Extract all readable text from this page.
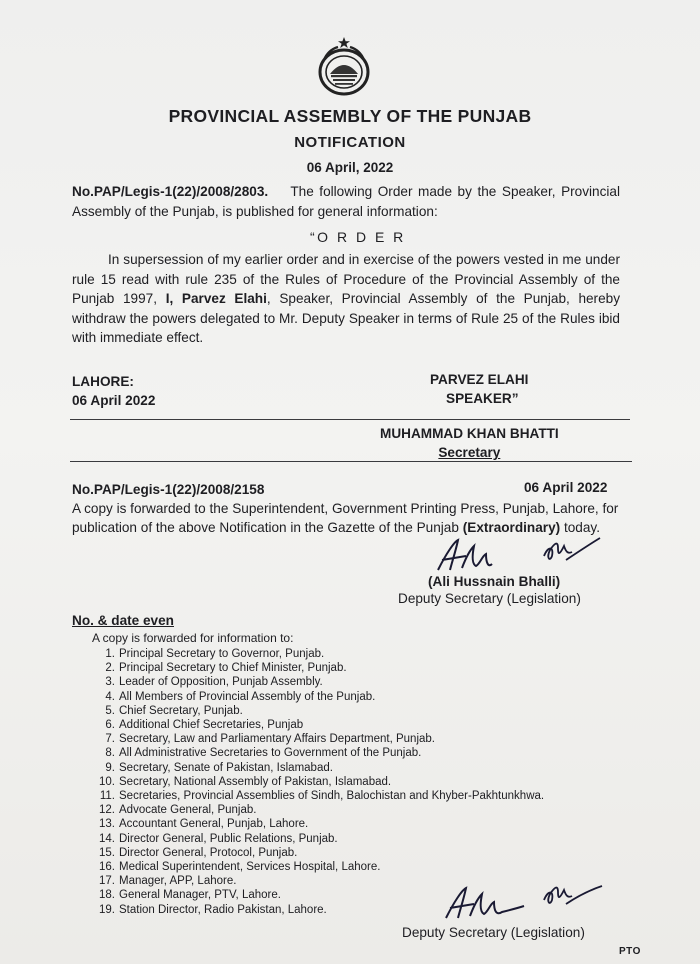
PROVINCIAL ASSEMBLY OF THE PUNJAB
NOTIFICATION
06 April, 2022
No.PAP/Legis-1(22)/2008/2803. The following Order made by the Speaker, Provincial Assembly of the Punjab, is published for general information:
“O R D E R
In supersession of my earlier order and in exercise of the powers vested in me under rule 15 read with rule 235 of the Rules of Procedure of the Provincial Assembly of the Punjab 1997, I, Parvez Elahi, Speaker, Provincial Assembly of the Punjab, hereby withdraw the powers delegated to Mr. Deputy Speaker in terms of Rule 25 of the Rules ibid with immediate effect.
LAHORE:
06 April 2022
PARVEZ ELAHI
SPEAKER”
MUHAMMAD KHAN BHATTI
Secretary
No.PAP/Legis-1(22)/2008/2158	06 April 2022
A copy is forwarded to the Superintendent, Government Printing Press, Punjab, Lahore, for publication of the above Notification in the Gazette of the Punjab (Extraordinary) today.
(Ali Hussnain Bhalli)
Deputy Secretary (Legislation)
No. & date even
A copy is forwarded for information to:
1. Principal Secretary to Governor, Punjab.
2. Principal Secretary to Chief Minister, Punjab.
3. Leader of Opposition, Punjab Assembly.
4. All Members of Provincial Assembly of the Punjab.
5. Chief Secretary, Punjab.
6. Additional Chief Secretaries, Punjab
7. Secretary, Law and Parliamentary Affairs Department, Punjab.
8. All Administrative Secretaries to Government of the Punjab.
9. Secretary, Senate of Pakistan, Islamabad.
10. Secretary, National Assembly of Pakistan, Islamabad.
11. Secretaries, Provincial Assemblies of Sindh, Balochistan and Khyber-Pakhtunkhwa.
12. Advocate General, Punjab.
13. Accountant General, Punjab, Lahore.
14. Director General, Public Relations, Punjab.
15. Director General, Protocol, Punjab.
16. Medical Superintendent, Services Hospital, Lahore.
17. Manager, APP, Lahore.
18. General Manager, PTV, Lahore.
19. Station Director, Radio Pakistan, Lahore.
Deputy Secretary (Legislation)
PTO
